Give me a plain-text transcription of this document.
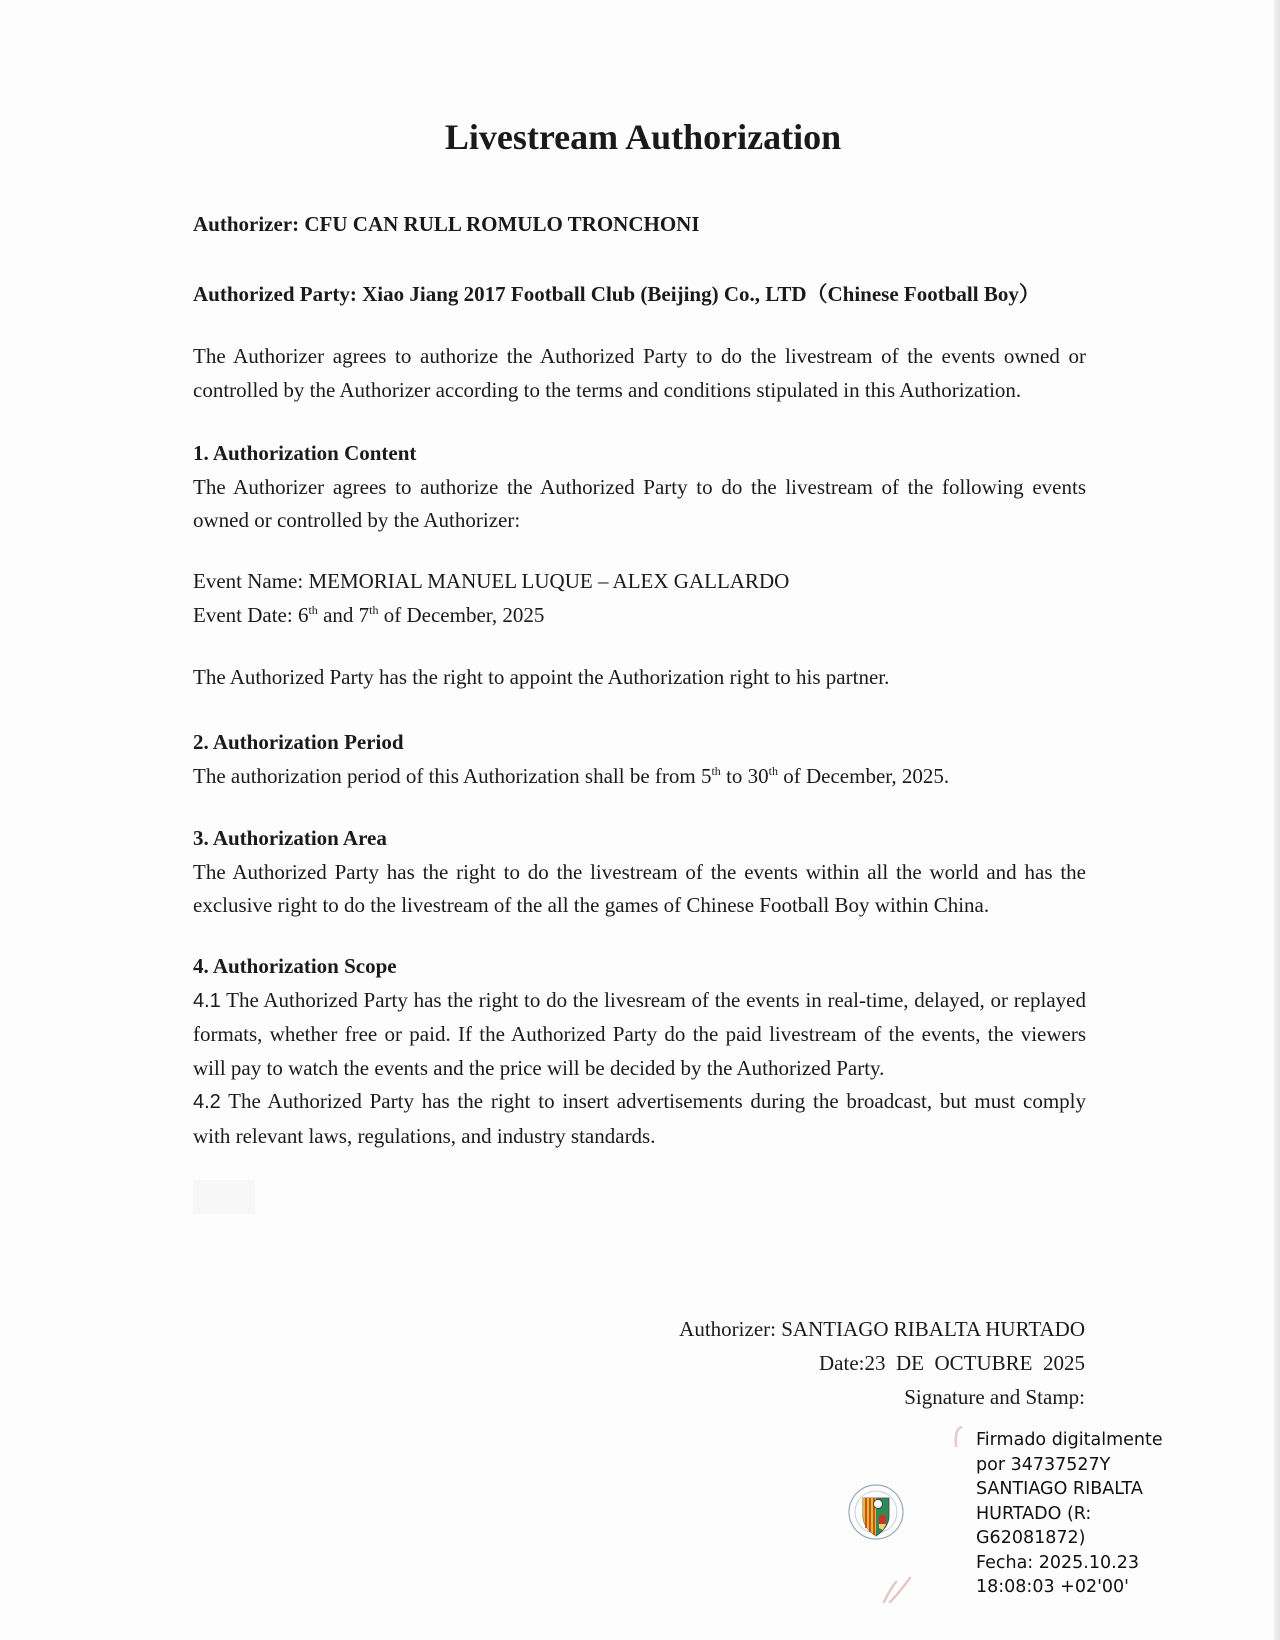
Livestream Authorization
Authorizer: CFU CAN RULL ROMULO TRONCHONI
Authorized Party: Xiao Jiang 2017 Football Club (Beijing) Co., LTD（Chinese Football Boy）

The Authorizer agrees to authorize the Authorized Party to do the livestream of the events owned or controlled by the Authorizer according to the terms and conditions stipulated in this Authorization.

1. Authorization Content

The Authorizer agrees to authorize the Authorized Party to do the livestream of the following events owned or controlled by the Authorizer:

Event Name: MEMORIAL MANUEL LUQUE – ALEX GALLARDO
Event Date: 6th and 7th of December, 2025
The Authorized Party has the right to appoint the Authorization right to his partner.
2. Authorization Period
The authorization period of this Authorization shall be from 5th to 30th of December, 2025.
3. Authorization Area

The Authorized Party has the right to do the livestream of the events within all the world and has the exclusive right to do the livestream of the all the games of Chinese Football Boy within China.

4. Authorization Scope

4.1 The Authorized Party has the right to do the livesream of the events in real-time, delayed, or replayed formats, whether free or paid. If the Authorized Party do the paid livestream of the events, the viewers will pay to watch the events and the price will be decided by the Authorized Party.

4.2 The Authorized Party has the right to insert advertisements during the broadcast, but must comply with relevant laws, regulations, and industry standards.

Authorizer: SANTIAGO RIBALTA HURTADO
Date:23  DE  OCTUBRE  2025
Signature and Stamp:
Firmado digitalmente
por 34737527Y
SANTIAGO RIBALTA
HURTADO (R:
G62081872)
Fecha: 2025.10.23
18:08:03 +02'00'
